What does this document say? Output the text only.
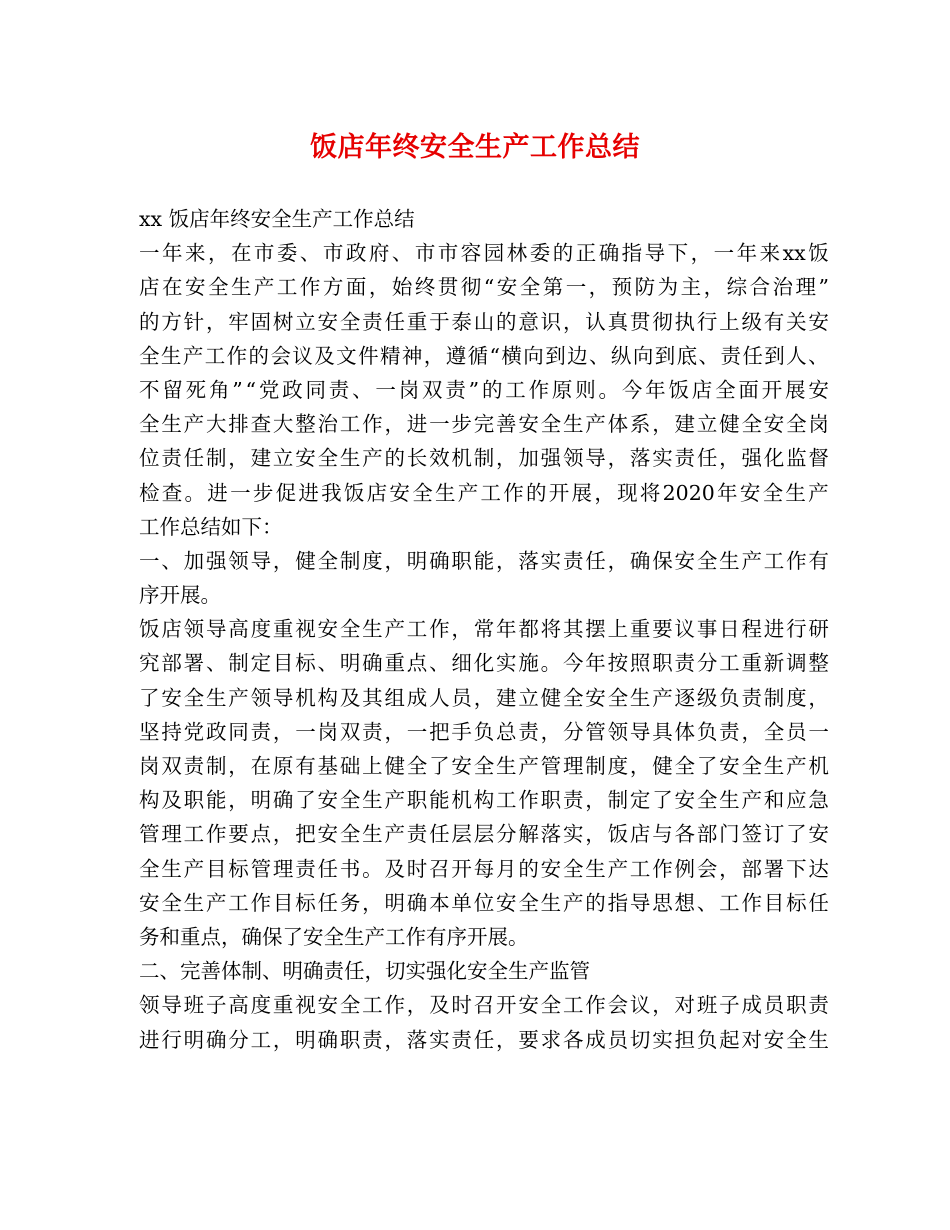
饭店年终安全生产工作总结
xx 饭店年终安全生产工作总结
一 年 来 ， 在 市 委 、 市 政 府 、 市 市 容 园 林 委 的 正 确 指 导 下 ， 一 年 来 xx 饭
店 在 安 全 生 产 工 作 方 面 ， 始 终 贯 彻 “ 安 全 第 一 ， 预 防 为 主 ， 综 合 治 理 ”
的 方 针 ， 牢 固 树 立 安 全 责 任 重 于 泰 山 的 意 识 ， 认 真 贯 彻 执 行 上 级 有 关 安
全 生 产 工 作 的 会 议 及 文 件 精 神 ， 遵 循 “ 横 向 到 边 、 纵 向 到 底 、 责 任 到 人 、
不 留 死 角 ” “ 党 政 同 责 、 一 岗 双 责 ” 的 工 作 原 则 。 今 年 饭 店 全 面 开 展 安
全 生 产 大 排 查 大 整 治 工 作 ， 进 一 步 完 善 安 全 生 产 体 系 ， 建 立 健 全 安 全 岗
位 责 任 制 ， 建 立 安 全 生 产 的 长 效 机 制 ， 加 强 领 导 ， 落 实 责 任 ， 强 化 监 督
检 查 。 进 一 步 促 进 我 饭 店 安 全 生 产 工 作 的 开 展 ， 现 将 2020 年 安 全 生 产
工作总结如下：
一 、 加 强 领 导 ， 健 全 制 度 ， 明 确 职 能 ， 落 实 责 任 ， 确 保 安 全 生 产 工 作 有
序开展。
饭 店 领 导 高 度 重 视 安 全 生 产 工 作 ， 常 年 都 将 其 摆 上 重 要 议 事 日 程 进 行 研
究 部 署 、 制 定 目 标 、 明 确 重 点 、 细 化 实 施 。 今 年 按 照 职 责 分 工 重 新 调 整
了 安 全 生 产 领 导 机 构 及 其 组 成 人 员 ， 建 立 健 全 安 全 生 产 逐 级 负 责 制 度 ，
坚 持 党 政 同 责 ， 一 岗 双 责 ， 一 把 手 负 总 责 ， 分 管 领 导 具 体 负 责 ， 全 员 一
岗 双 责 制 ， 在 原 有 基 础 上 健 全 了 安 全 生 产 管 理 制 度 ， 健 全 了 安 全 生 产 机
构 及 职 能 ， 明 确 了 安 全 生 产 职 能 机 构 工 作 职 责 ， 制 定 了 安 全 生 产 和 应 急
管 理 工 作 要 点 ， 把 安 全 生 产 责 任 层 层 分 解 落 实 ， 饭 店 与 各 部 门 签 订 了 安
全 生 产 目 标 管 理 责 任 书 。 及 时 召 开 每 月 的 安 全 生 产 工 作 例 会 ， 部 署 下 达
安 全 生 产 工 作 目 标 任 务 ， 明 确 本 单 位 安 全 生 产 的 指 导 思 想 、 工 作 目 标 任
务和重点，确保了安全生产工作有序开展。
二、完善体制、明确责任，切实强化安全生产监管
领 导 班 子 高 度 重 视 安 全 工 作 ， 及 时 召 开 安 全 工 作 会 议 ， 对 班 子 成 员 职 责
进 行 明 确 分 工 ， 明 确 职 责 ， 落 实 责 任 ， 要 求 各 成 员 切 实 担 负 起 对 安 全 生
